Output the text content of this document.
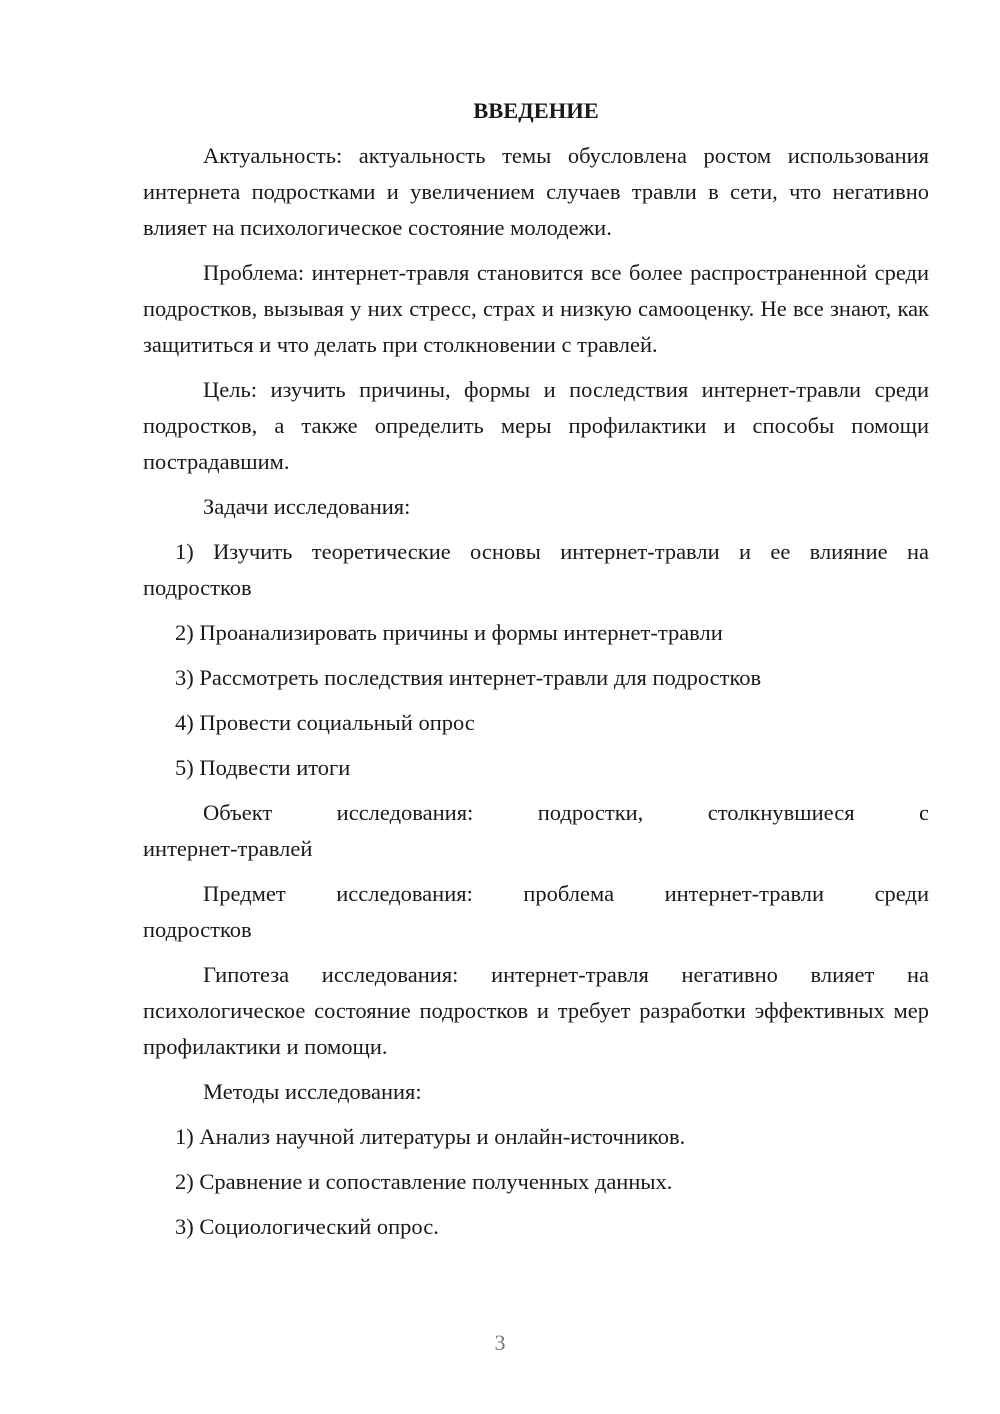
ВВЕДЕНИЕ

Актуальность: актуальность темы обусловлена ростом использования интернета подростками и увеличением случаев травли в сети, что негативно влияет на психологическое состояние молодежи.

Проблема: интернет-травля становится все более распространенной среди подростков, вызывая у них стресс, страх и низкую самооценку. Не все знают, как защититься и что делать при столкновении с травлей.

Цель: изучить причины, формы и последствия интернет-травли среди подростков, а также определить меры профилактики и способы помощи пострадавшим.

Задачи исследования:

1) Изучить теоретические основы интернет-травли и ее влияние на подростков

2) Проанализировать причины и формы интернет-травли

3) Рассмотреть последствия интернет-травли для подростков

4) Провести социальный опрос

5) Подвести итоги

Объект исследования: подростки, столкнувшиеся с

интернет-травлей

Предмет исследования: проблема интернет-травли среди

подростков

Гипотеза исследования: интернет-травля негативно влияет на психологическое состояние подростков и требует разработки эффективных мер профилактики и помощи.

Методы исследования:

1) Анализ научной литературы и онлайн-источников.

2) Сравнение и сопоставление полученных данных.

3) Социологический опрос.

3
